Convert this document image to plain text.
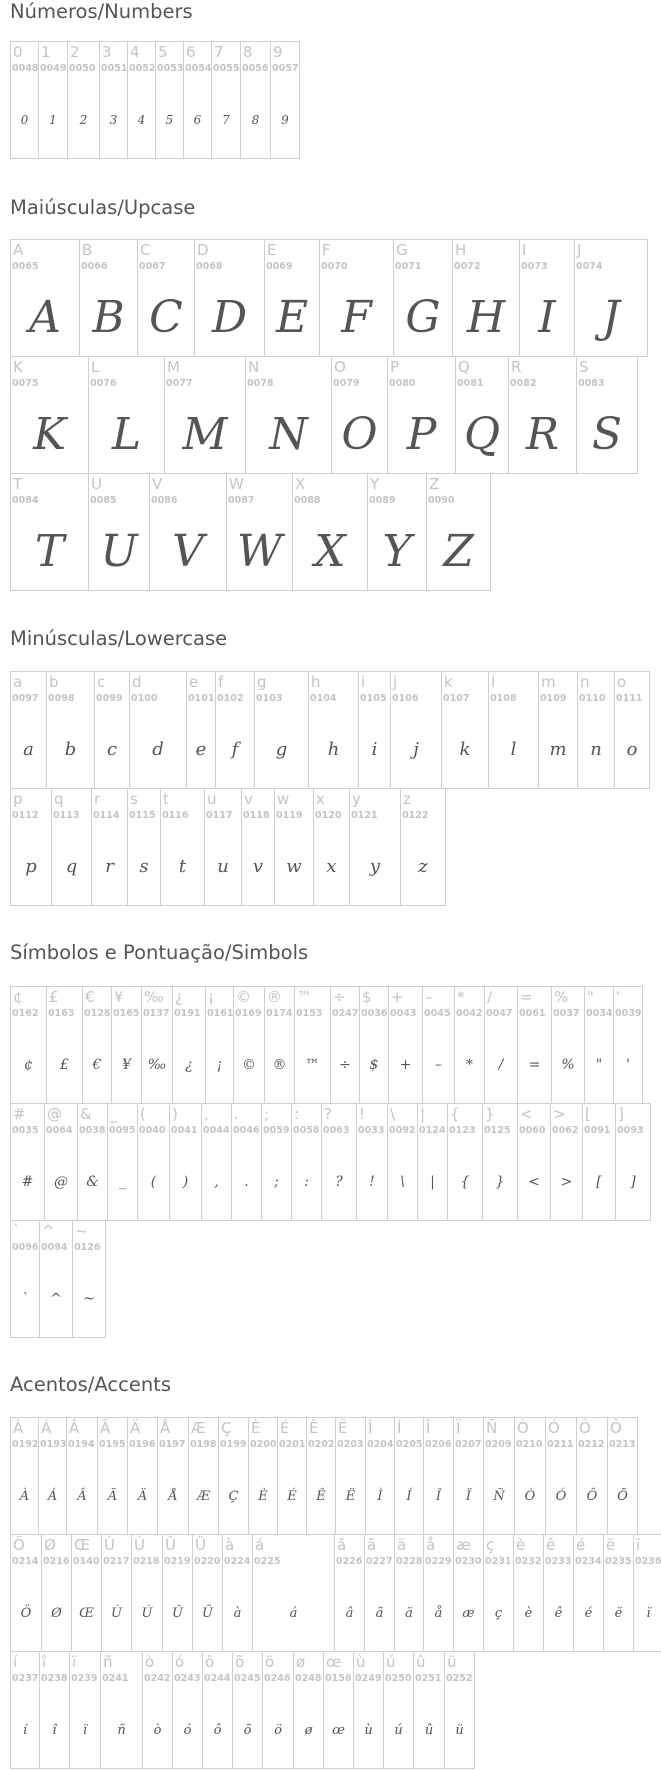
Números/Numbers
0
0048
0
1
0049
1
2
0050
2
3
0051
3
4
0052
4
5
0053
5
6
0054
6
7
0055
7
8
0056
8
9
0057
9
Maiúsculas/Upcase
A
0065
A
B
0066
B
C
0067
C
D
0068
D
E
0069
E
F
0070
F
G
0071
G
H
0072
H
I
0073
I
J
0074
J
K
0075
K
L
0076
L
M
0077
M
N
0078
N
O
0079
O
P
0080
P
Q
0081
Q
R
0082
R
S
0083
S
T
0084
T
U
0085
U
V
0086
V
W
0087
W
X
0088
X
Y
0089
Y
Z
0090
Z
Minúsculas/Lowercase
a
0097
a
b
0098
b
c
0099
c
d
0100
d
e
0101
e
f
0102
f
g
0103
g
h
0104
h
i
0105
i
j
0106
j
k
0107
k
l
0108
l
m
0109
m
n
0110
n
o
0111
o
p
0112
p
q
0113
q
r
0114
r
s
0115
s
t
0116
t
u
0117
u
v
0118
v
w
0119
w
x
0120
x
y
0121
y
z
0122
z
Símbolos e Pontuação/Simbols
¢
0162
¢
£
0163
£
€
0128
€
¥
0165
¥
‰
0137
‰
¿
0191
¿
¡
0161
¡
©
0169
©
®
0174
®
™
0153
™
÷
0247
÷
$
0036
$
+
0043
+
–
0045
–
*
0042
*
/
0047
/
=
0061
=
%
0037
%
"
0034
"
'
0039
'
#
0035
#
@
0064
@
&
0038
&
_
0095
_
(
0040
(
)
0041
)
,
0044
,
.
0046
.
;
0059
;
:
0058
:
?
0063
?
!
0033
!
\
0092
\
|
0124
|
{
0123
{
}
0125
}
<
0060
<
>
0062
>
[
0091
[
]
0093
]
`
0096
`
^
0094
^
~
0126
~
Acentos/Accents
À
0192
À
Á
0193
Á
Â
0194
Â
Ã
0195
Ã
Ä
0196
Ä
Å
0197
Å
Æ
0198
Æ
Ç
0199
Ç
È
0200
È
É
0201
É
Ê
0202
Ê
Ë
0203
Ë
Ì
0204
Ì
Í
0205
Í
Î
0206
Î
Ï
0207
Ï
Ñ
0209
Ñ
Ò
0210
Ò
Ó
0211
Ó
Ô
0212
Ô
Õ
0213
Õ
Ö
0214
Ö
Ø
0216
Ø
Œ
0140
Œ
Ù
0217
Ù
Ú
0218
Ú
Û
0219
Û
Ü
0220
Ü
à
0224
à
á
0225
á
â
0226
â
ã
0227
ã
ä
0228
ä
å
0229
å
æ
0230
æ
ç
0231
ç
è
0232
è
ê
0233
ê
é
0234
é
ë
0235
ë
ï
0236
ï
í
0237
í
î
0238
î
ï
0239
ï
ñ
0241
ñ
ò
0242
ò
ó
0243
ó
ô
0244
ô
õ
0245
õ
ö
0246
ö
ø
0248
ø
œ
0156
œ
ù
0249
ù
ú
0250
ú
û
0251
û
ü
0252
ü
